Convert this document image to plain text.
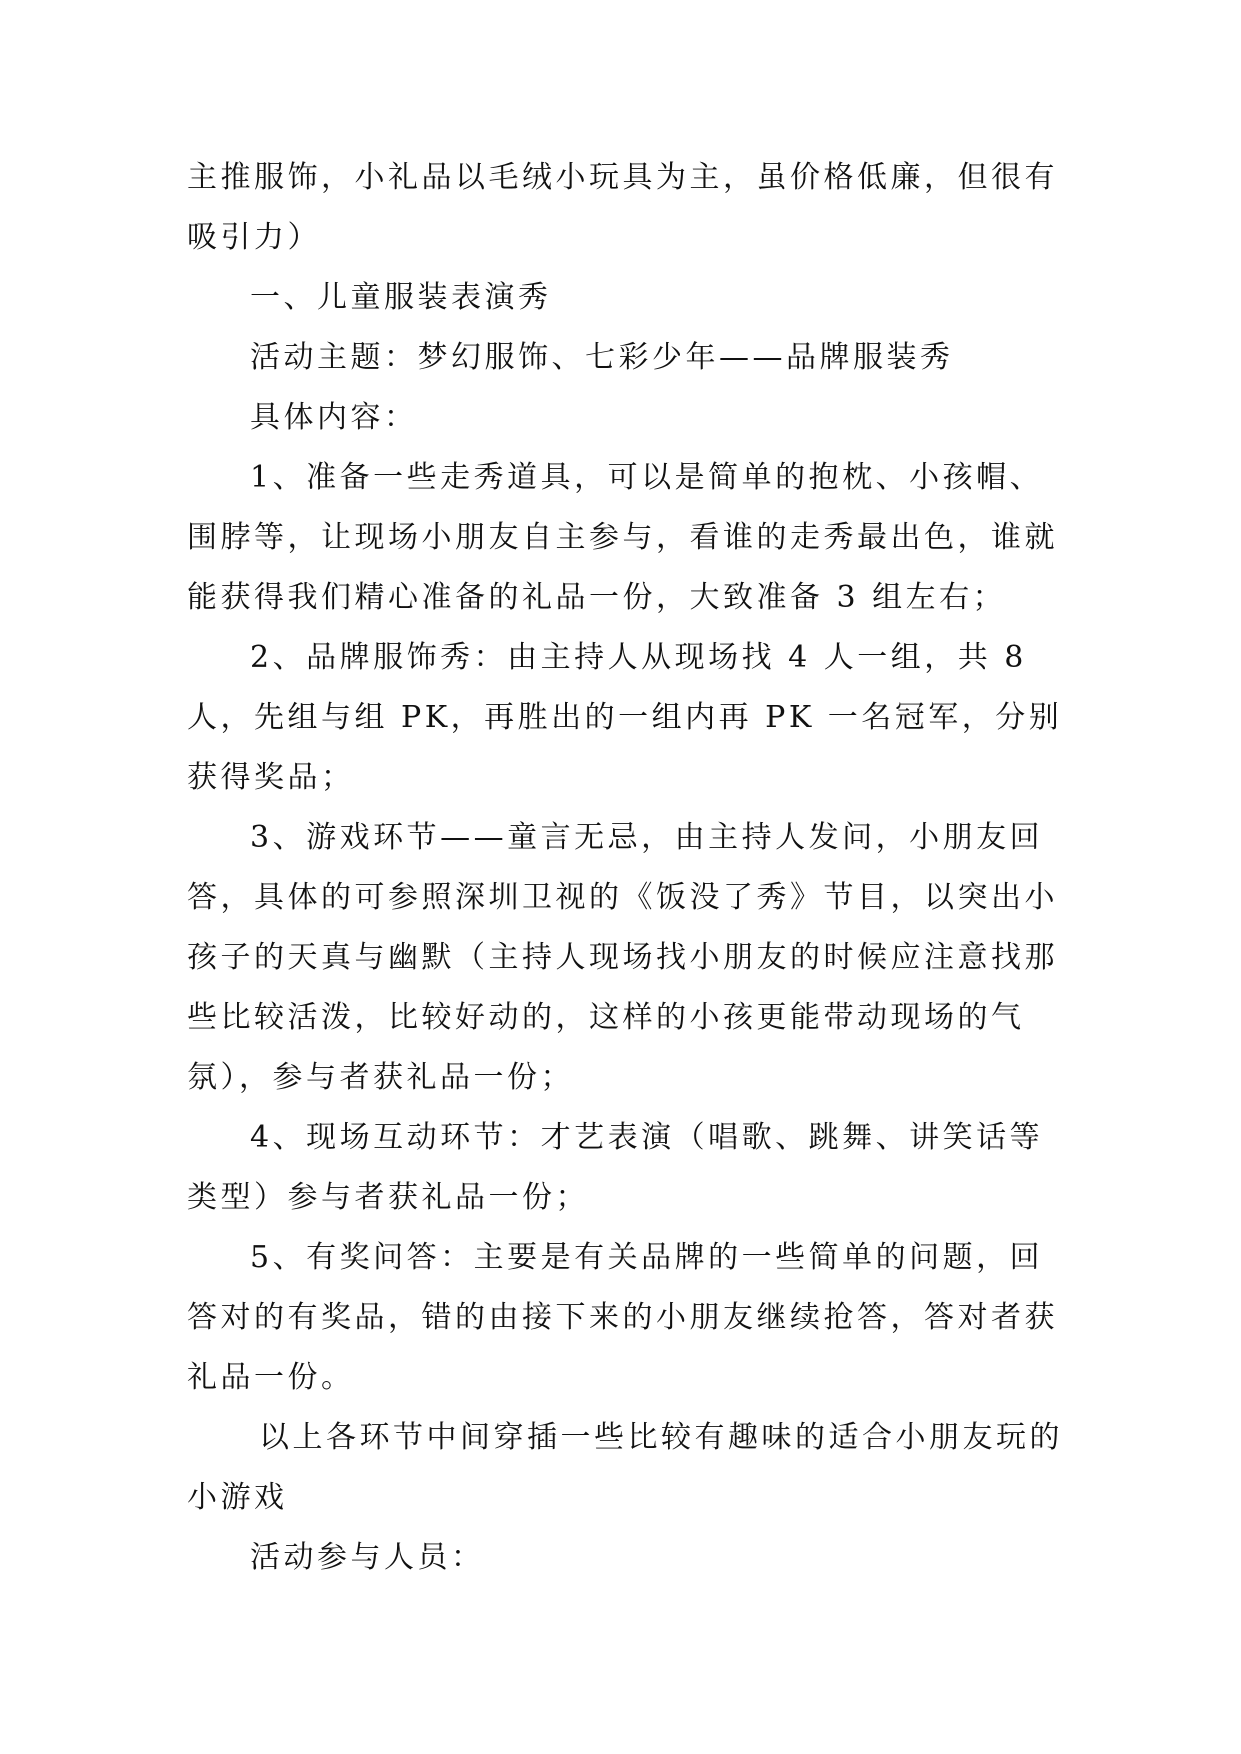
主推服饰，小礼品以毛绒小玩具为主，虽价格低廉，但很有吸引力）

一、儿童服装表演秀

活动主题：梦幻服饰、七彩少年——品牌服装秀

具体内容：

1、准备一些走秀道具，可以是简单的抱枕、小孩帽、围脖等，让现场小朋友自主参与，看谁的走秀最出色，谁就能获得我们精心准备的礼品一份，大致准备 3 组左右；

2、品牌服饰秀：由主持人从现场找 4 人一组，共 8 人，先组与组 PK，再胜出的一组内再 PK 一名冠军，分别获得奖品；

3、游戏环节——童言无忌，由主持人发问，小朋友回答，具体的可参照深圳卫视的《饭没了秀》节目，以突出小孩子的天真与幽默（主持人现场找小朋友的时候应注意找那些比较活泼，比较好动的，这样的小孩更能带动现场的气氛），参与者获礼品一份；

4、现场互动环节：才艺表演（唱歌、跳舞、讲笑话等类型）参与者获礼品一份；

5、有奖问答：主要是有关品牌的一些简单的问题，回答对的有奖品，错的由接下来的小朋友继续抢答，答对者获礼品一份。

以上各环节中间穿插一些比较有趣味的适合小朋友玩的小游戏

活动参与人员：
